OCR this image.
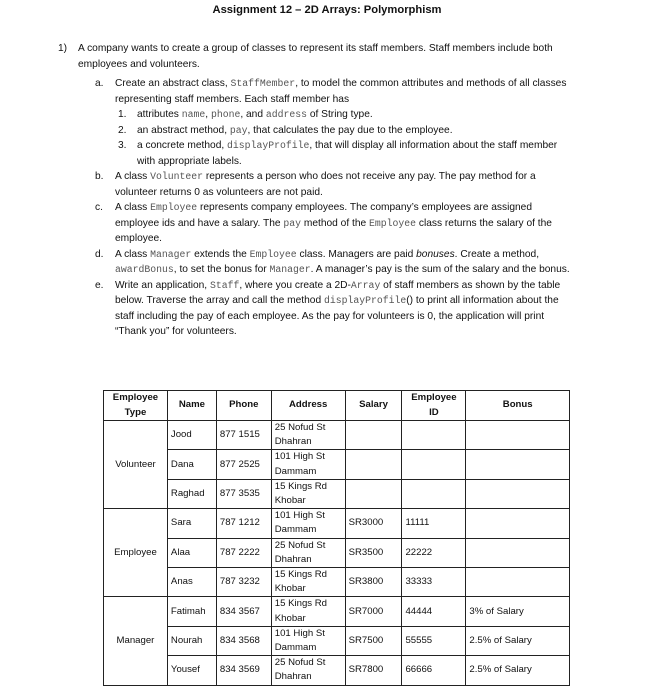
Assignment 12 – 2D Arrays: Polymorphism
1) A company wants to create a group of classes to represent its staff members. Staff members include both employees and volunteers.
a. Create an abstract class, StaffMember, to model the common attributes and methods of all classes representing staff members. Each staff member has
1. attributes name, phone, and address of String type.
2. an abstract method, pay, that calculates the pay due to the employee.
3. a concrete method, displayProfile, that will display all information about the staff member with appropriate labels.
b. A class Volunteer represents a person who does not receive any pay. The pay method for a volunteer returns 0 as volunteers are not paid.
c. A class Employee represents company employees. The company’s employees are assigned employee ids and have a salary. The pay method of the Employee class returns the salary of the employee.
d. A class Manager extends the Employee class. Managers are paid bonuses. Create a method, awardBonus, to set the bonus for Manager. A manager’s pay is the sum of the salary and the bonus.
e. Write an application, Staff, where you create a 2D-Array of staff members as shown by the table below. Traverse the array and call the method displayProfile() to print all information about the staff including the pay of each employee. As the pay for volunteers is 0, the application will print “Thank you” for volunteers.
Employee Type	Name	Phone	Address	Salary	Employee ID	Bonus
Volunteer	Jood	877 1515	25 Nofud St Dhahran			
	Dana	877 2525	101 High St Dammam			
	Raghad	877 3535	15 Kings Rd Khobar			
Employee	Sara	787 1212	101 High St Dammam	SR3000	11111	
	Alaa	787 2222	25 Nofud St Dhahran	SR3500	22222	
	Anas	787 3232	15 Kings Rd Khobar	SR3800	33333	
Manager	Fatimah	834 3567	15 Kings Rd Khobar	SR7000	44444	3% of Salary
	Nourah	834 3568	101 High St Dammam	SR7500	55555	2.5% of Salary
	Yousef	834 3569	25 Nofud St Dhahran	SR7800	66666	2.5% of Salary
